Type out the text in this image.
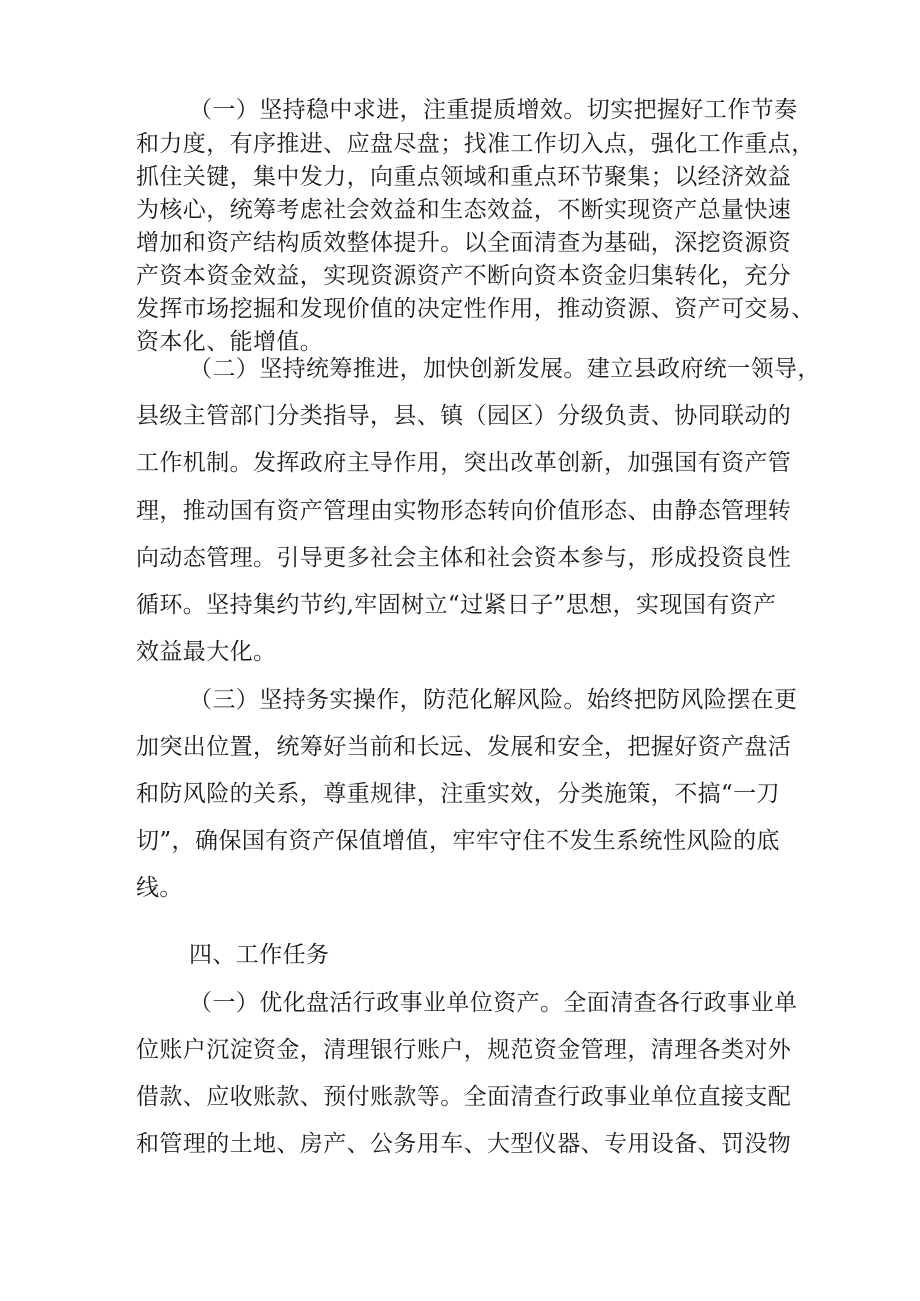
（一）坚持稳中求进，注重提质增效。切实把握好工作节奏
和力度，有序推进、应盘尽盘；找准工作切入点，强化工作重点，
抓住关键，集中发力，向重点领域和重点环节聚集；以经济效益
为核心，统筹考虑社会效益和生态效益，不断实现资产总量快速
增加和资产结构质效整体提升。以全面清查为基础，深挖资源资
产资本资金效益，实现资源资产不断向资本资金归集转化，充分
发挥市场挖掘和发现价值的决定性作用，推动资源、资产可交易、
资本化、能增值。
（二）坚持统筹推进，加快创新发展。建立县政府统一领导，
县级主管部门分类指导，县、镇（园区）分级负责、协同联动的
工作机制。发挥政府主导作用，突出改革创新，加强国有资产管
理，推动国有资产管理由实物形态转向价值形态、由静态管理转
向动态管理。引导更多社会主体和社会资本参与，形成投资良性
循环。坚持集约节约,牢固树立“过紧日子”思想，实现国有资产
效益最大化。
（三）坚持务实操作，防范化解风险。始终把防风险摆在更
加突出位置，统筹好当前和长远、发展和安全，把握好资产盘活
和防风险的关系，尊重规律，注重实效，分类施策，不搞“一刀
切”，确保国有资产保值增值，牢牢守住不发生系统性风险的底
线。
四、工作任务
（一）优化盘活行政事业单位资产。全面清查各行政事业单
位账户沉淀资金，清理银行账户，规范资金管理，清理各类对外
借款、应收账款、预付账款等。全面清查行政事业单位直接支配
和管理的土地、房产、公务用车、大型仪器、专用设备、罚没物
